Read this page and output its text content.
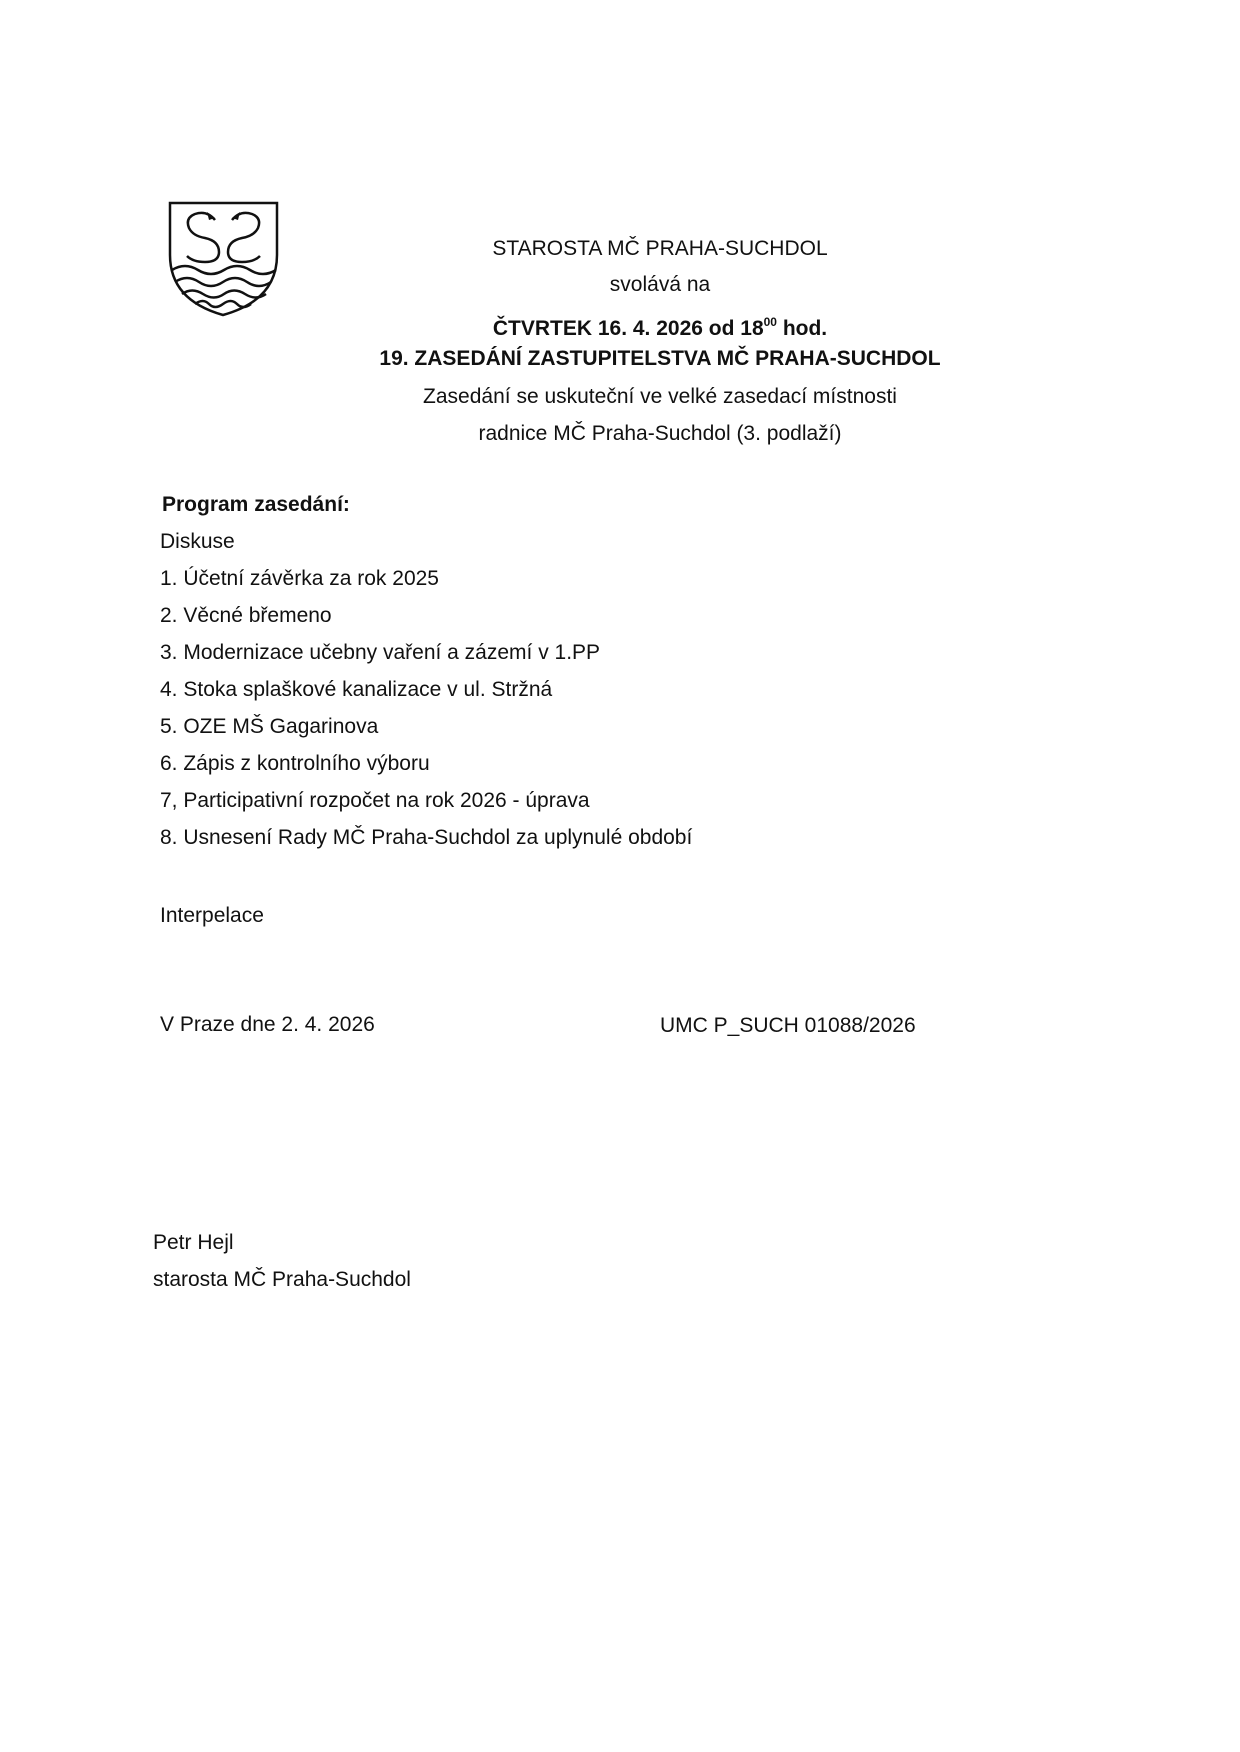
STAROSTA MČ PRAHA-SUCHDOL
svolává na
ČTVRTEK 16. 4. 2026 od $18^{00}$ hod.
19. ZASEDÁNÍ ZASTUPITELSTVA MČ PRAHA-SUCHDOL
Zasedání se uskuteční ve velké zasedací místnosti
radnice MČ Praha-Suchdol (3. podlaží)
Program zasedání:
Diskuse
1. Účetní závěrka za rok 2025
2. Věcné břemeno
3. Modernizace učebny vaření a zázemí v 1.PP
4. Stoka splaškové kanalizace v ul. Stržná
5. OZE MŠ Gagarinova
6. Zápis z kontrolního výboru
7, Participativní rozpočet na rok 2026 - úprava
8. Usnesení Rady MČ Praha-Suchdol za uplynulé období
Interpelace
V Praze dne 2. 4. 2026	UMC P_SUCH 01088/2026
Petr Hejl
starosta MČ Praha-Suchdol
